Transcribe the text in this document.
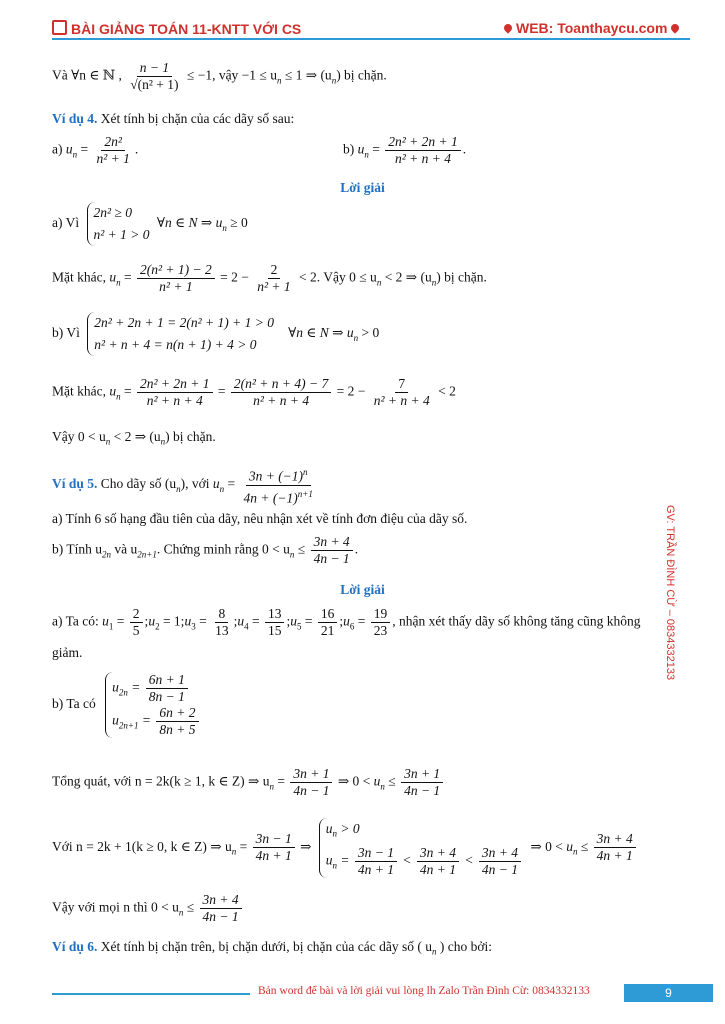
BÀI GIẢNG TOÁN 11-KNTT VỚI CS	WEB: Toanthaycu.com
Và ∀n ∈ ℕ , $\frac{n - 1}{\text{√(n² + 1)}} \le -1$, vậy $-1 \le u_n \le 1$ ⇒ $(u_n)$ bị chặn.
Ví dụ 4. Xét tính bị chặn của các dãy số sau:
a) $u_n = \frac{\text{2n²}}{\text{n² + 1}}$ .	b) $u_n = \frac{\text{2n² + 2n + 1}}{\text{n² + n + 4}}$ .
Lời giải
a) Vì
2n² ≥ 0
n² + 1 > 0
∀n ∈ N ⇒ $u_n \ge 0$
Mặt khác, $u_n = \frac{\text{2(n² + 1) − 2}}{\text{n² + 1}} = 2 - \frac{2}{\text{n² + 1}} < 2$. Vậy $0 \le u_n < 2$ ⇒ $(u_n)$ bị chặn.
b) Vì
2n² + 2n + 1 = 2(n² + 1) + 1 > 0
n² + n + 4 = n(n + 1) + 4 > 0
∀n ∈ N ⇒ $u_n > 0$
Mặt khác, $u_n = \frac{\text{2n² + 2n + 1}}{\text{n² + n + 4}} = \frac{\text{2(n² + n + 4) − 7}}{\text{n² + n + 4}} = 2 - \frac{7}{\text{n² + n + 4}} < 2$
Vậy $0 < u_n < 2$ ⇒ $(u_n)$ bị chặn.
Ví dụ 5. Cho dãy số $(u_n)$, với $u_n = \frac{3n + (-1)^n}{4n + (-1)^{n+1}}$
a) Tính 6 số hạng đầu tiên của dãy, nêu nhận xét về tính đơn điệu của dãy số.
b) Tính $u_{2n}$ và $u_{2n+1}$. Chứng minh rằng $0 < u_n \le \frac{3n + 4}{4n - 1}$ .
Lời giải
a) Ta có: $u_1 = \frac{2}{5}$ $;u_2$ = $1;u_3 = \frac{8}{13}$ $;u_4 = \frac{13}{15}$ $;u_5 = \frac{16}{21}$ $;u_6 = \frac{19}{23}$ , nhận xét thấy dãy số không tăng cũng không
giảm.
b) Ta có
$u_{2n} = \frac{6n + 1}{8n - 1}$
$u_{2n+1} = \frac{6n + 2}{8n + 5}$
Tổng quát, với n = 2k(k ≥ 1, k ∈ Z) ⇒ $u_n = \frac{3n + 1}{4n - 1}$ ⇒ $0 < u_n \le \frac{3n + 1}{4n - 1}$
Với n = 2k + 1(k ≥ 0, k ∈ Z) ⇒ $u_n = \frac{3n - 1}{4n + 1}$ ⇒
$u_n > 0$
$u_n = \frac{3n - 1}{4n + 1} < \frac{3n + 4}{4n + 1} < \frac{3n + 4}{4n - 1}$ ⇒ $0 < u_n \le \frac{3n + 4}{4n + 1}$
Vậy với mọi n thì $0 < u_n \le \frac{3n + 4}{4n - 1}$
Ví dụ 6. Xét tính bị chặn trên, bị chặn dưới, bị chặn của các dãy số ( $u_n$ ) cho bởi:
GV: TRẦN ĐÌNH CỪ – 0834332133
Bản word để bài và lời giải vui lòng lh Zalo Trần Đình Cừ: 0834332133	9
